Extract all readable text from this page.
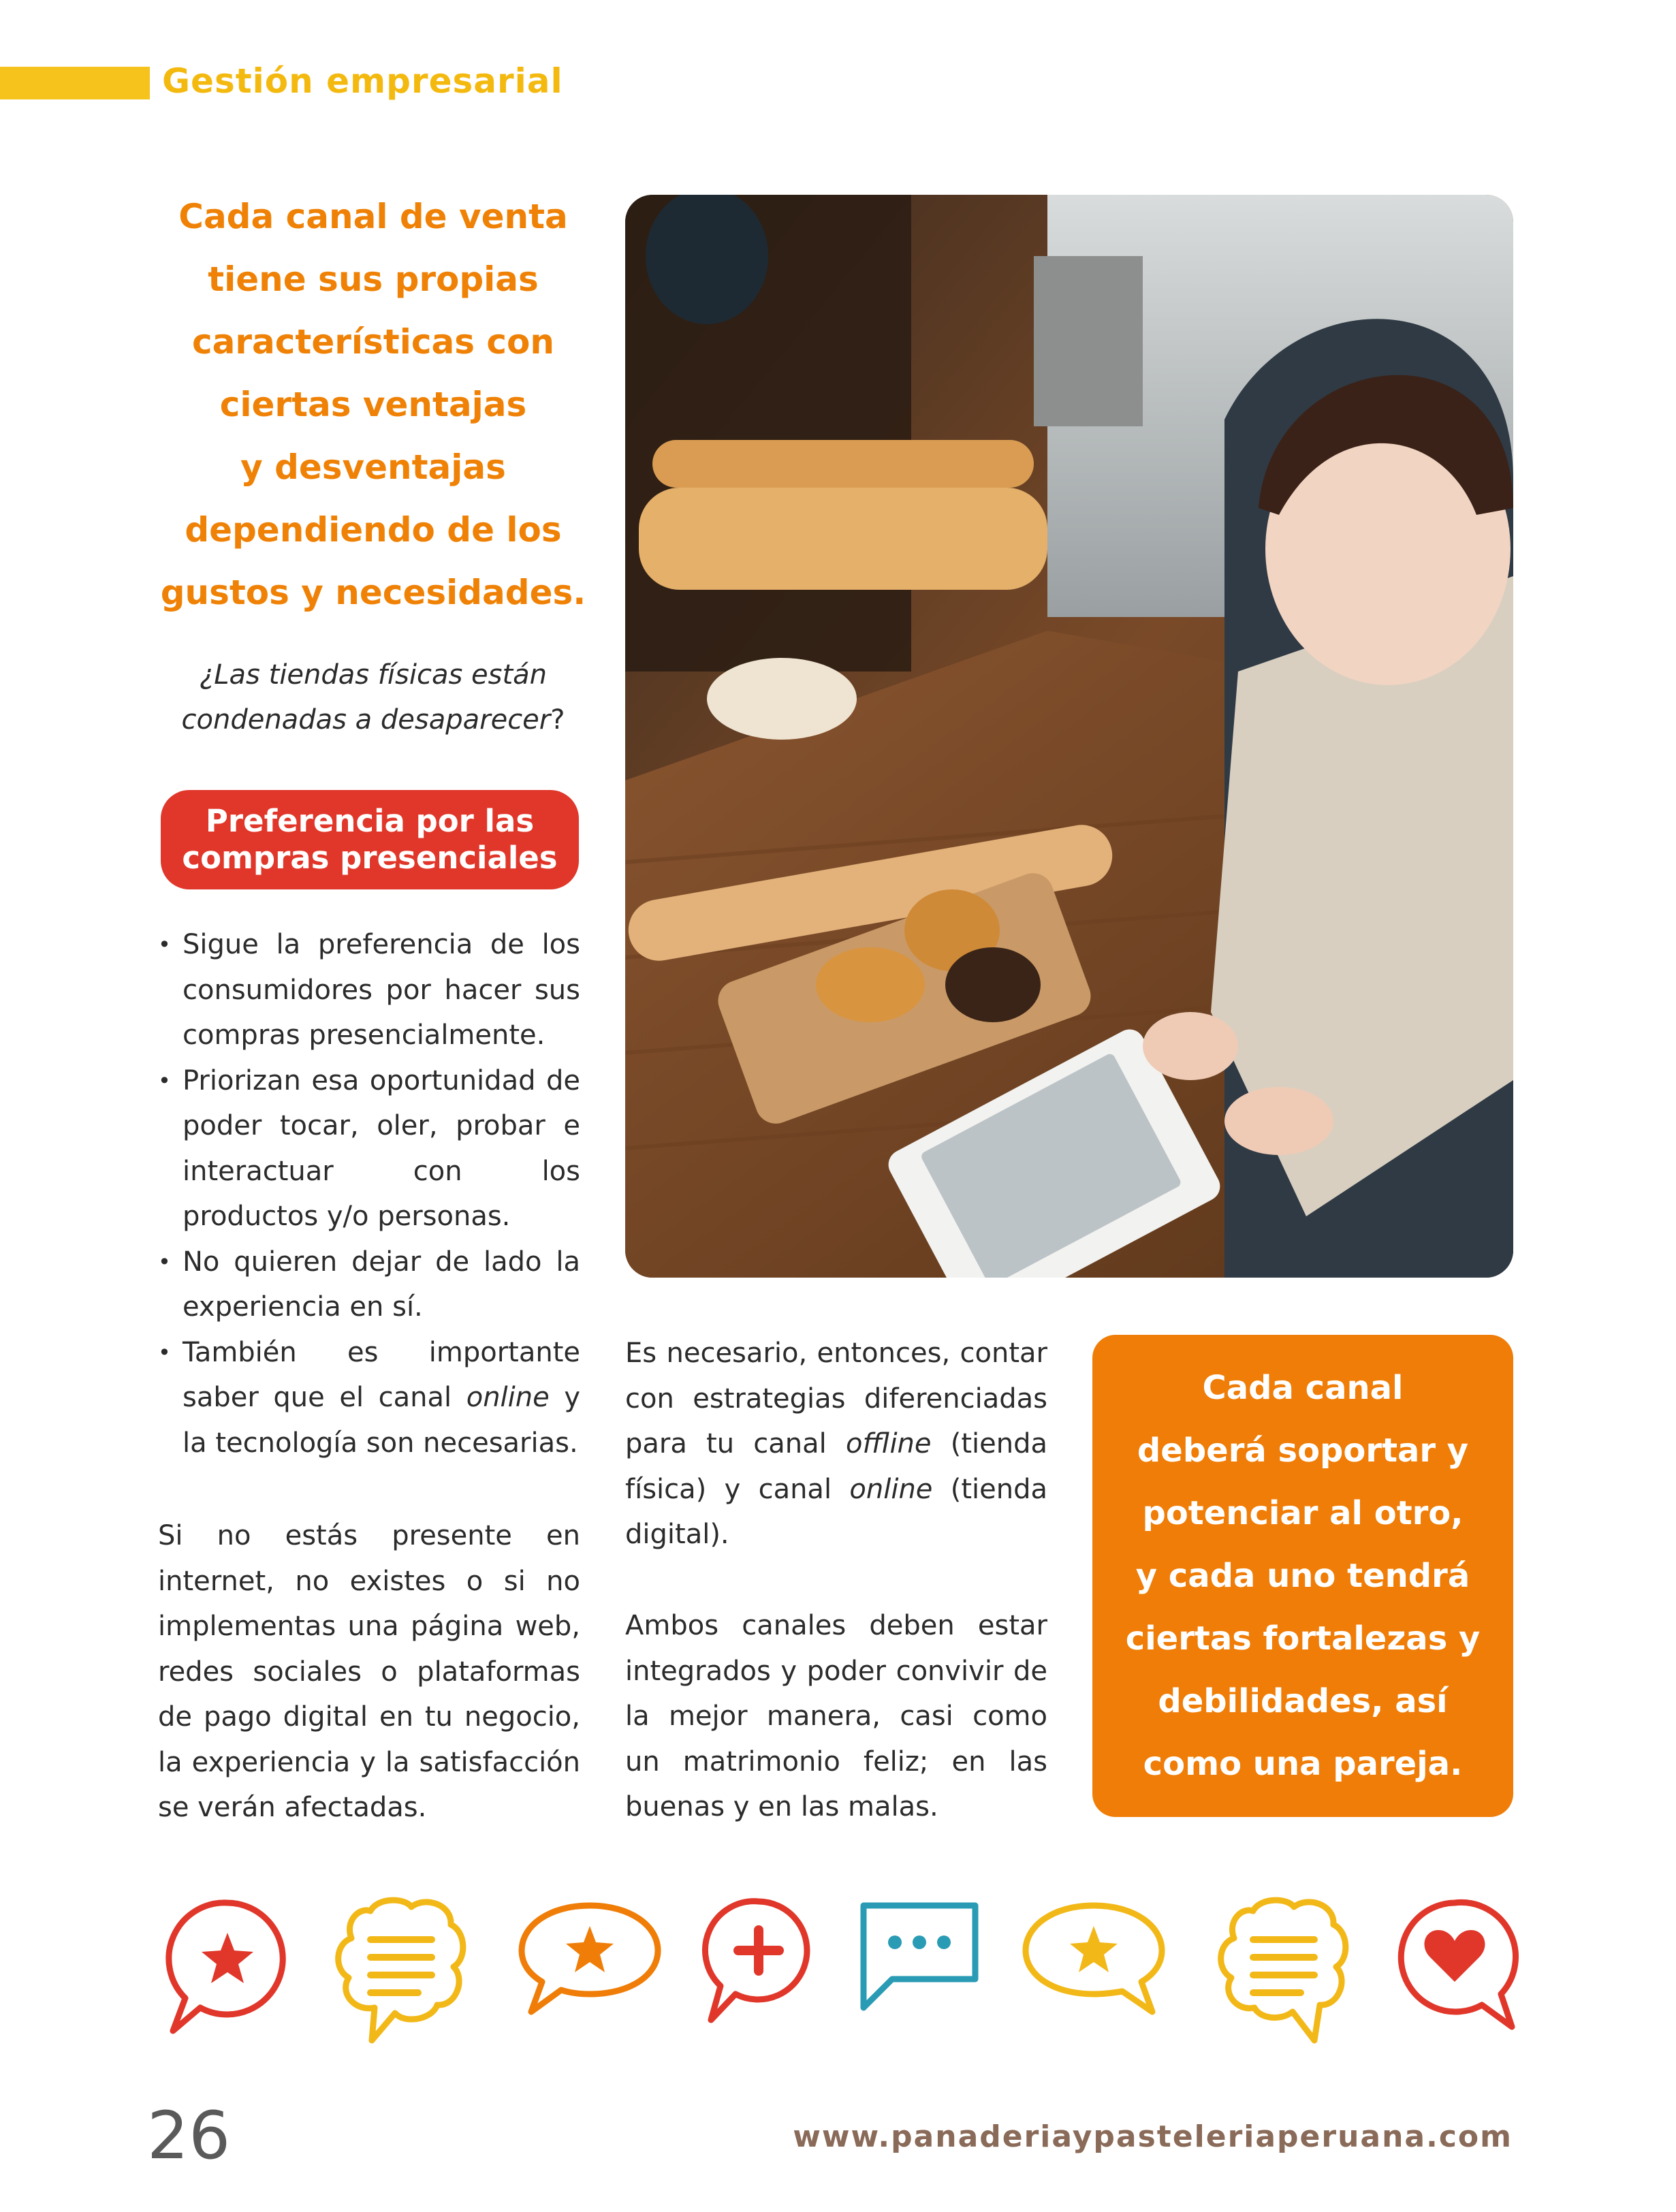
Gestión empresarial
Cada canal de venta
tiene sus propias
características con
ciertas ventajas
y desventajas
dependiendo de los
gustos y necesidades.
¿Las tiendas físicas están
condenadas a desaparecer?
Preferencia por las
compras presenciales
• Sigue la preferencia de los consumidores por hacer sus compras presencialmente.
• Priorizan esa oportunidad de poder tocar, oler, probar e interactuar con los productos y/o personas.
• No quieren dejar de lado la experiencia en sí.
• También es importante saber que el canal online y la tecnología son necesarias.

Si no estás presente en internet, no existes o si no implementas una página web, redes sociales o plataformas de pago digital en tu negocio, la experiencia y la satisfacción se verán afectadas.

Es necesario, entonces, contar con estrategias diferenciadas para tu canal offline (tienda física) y canal online (tienda digital).

Ambos canales deben estar integrados y poder convivir de la mejor manera, casi como un matrimonio feliz; en las buenas y en las malas.

Cada canal
deberá soportar y
potenciar al otro,
y cada uno tendrá
ciertas fortalezas y
debilidades, así
como una pareja.
26	www.panaderiaypasteleriaperuana.com
